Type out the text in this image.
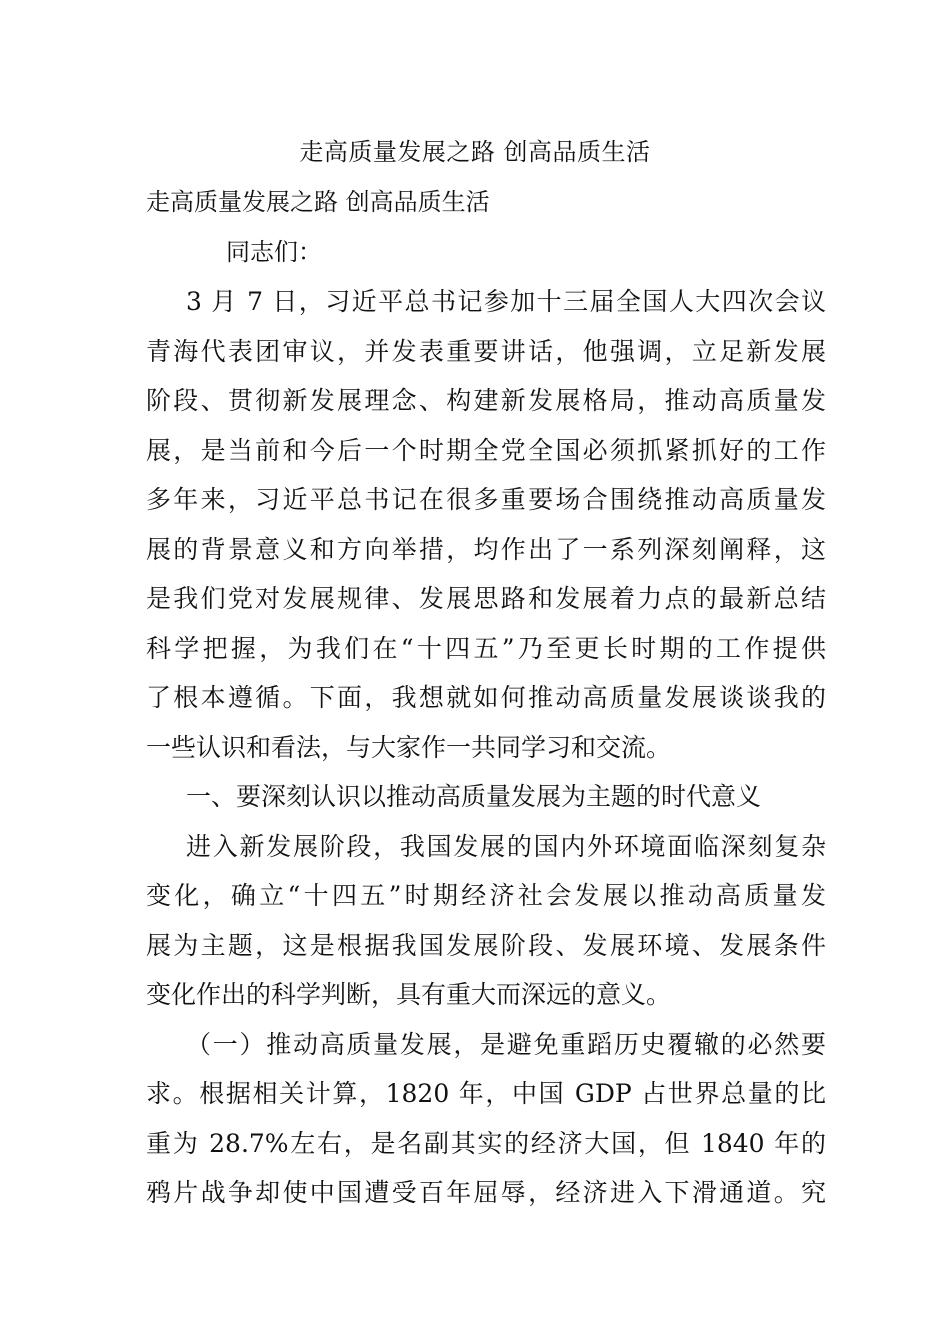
走高质量发展之路 创高品质生活
走高质量发展之路 创高品质生活
同志们：
3 月 7 日，习近平总书记参加十三届全国人大四次会议
青海代表团审议，并发表重要讲话，他强调，立足新发展
阶段、贯彻新发展理念、构建新发展格局，推动高质量发
展，是当前和今后一个时期全党全国必须抓紧抓好的工作
多年来，习近平总书记在很多重要场合围绕推动高质量发
展的背景意义和方向举措，均作出了一系列深刻阐释，这
是我们党对发展规律、发展思路和发展着力点的最新总结
科学把握，为我们在“十四五”乃至更长时期的工作提供
了根本遵循。下面，我想就如何推动高质量发展谈谈我的
一些认识和看法，与大家作一共同学习和交流。
一、要深刻认识以推动高质量发展为主题的时代意义
进入新发展阶段，我国发展的国内外环境面临深刻复杂
变化，确立“十四五”时期经济社会发展以推动高质量发
展为主题，这是根据我国发展阶段、发展环境、发展条件
变化作出的科学判断，具有重大而深远的意义。
（一）推动高质量发展，是避免重蹈历史覆辙的必然要
求。根据相关计算，1820 年，中国 GDP 占世界总量的比
重为 28.7%左右，是名副其实的经济大国，但 1840 年的
鸦片战争却使中国遭受百年屈辱，经济进入下滑通道。究
